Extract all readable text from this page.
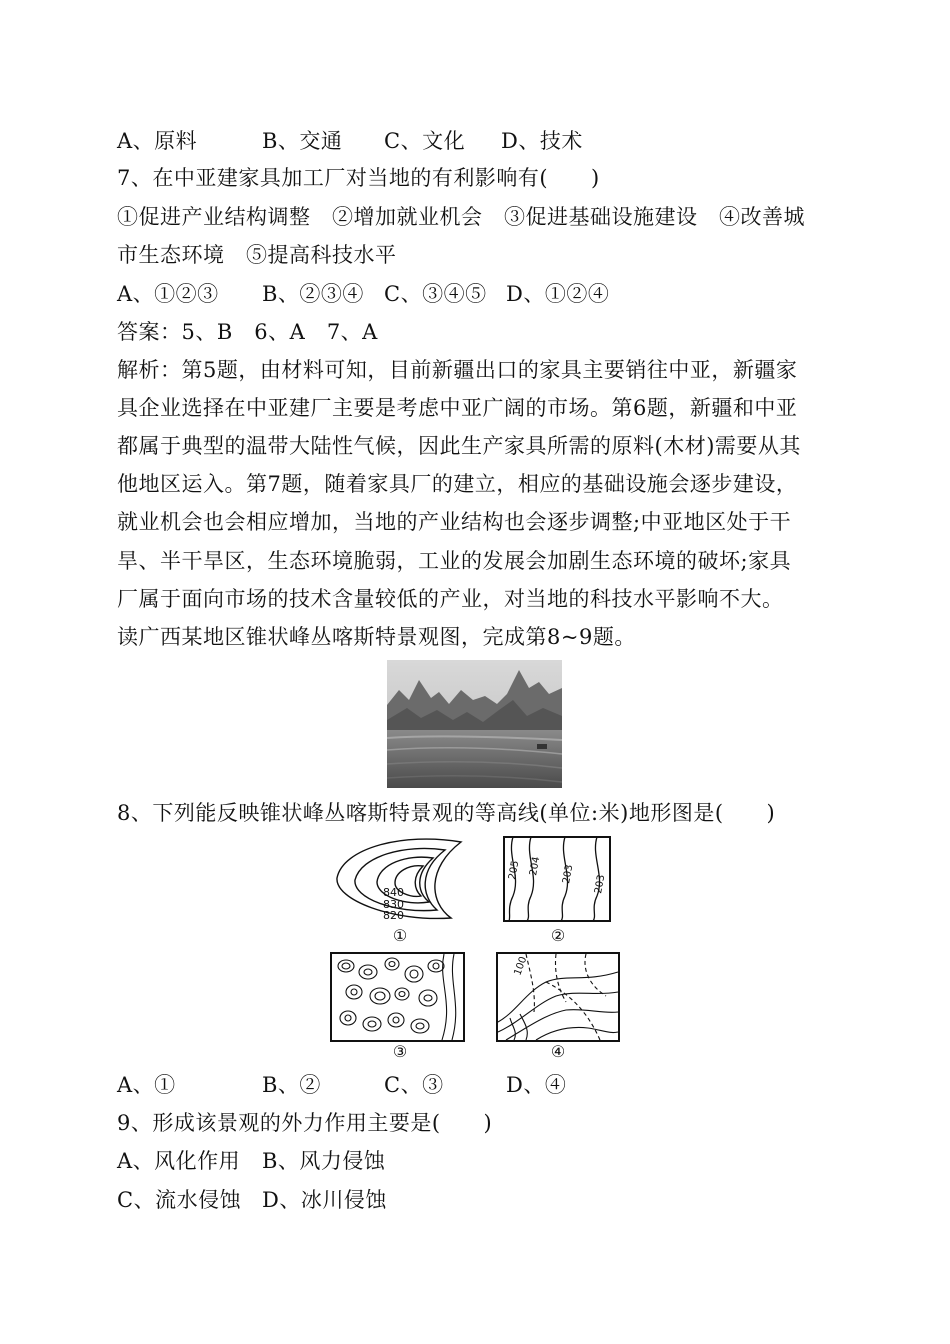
A、原料	B、交通 C、文化 D、技术
7、在中亚建家具加工厂对当地的有利影响有(　　)
①促进产业结构调整　②增加就业机会　③促进基础设施建设　④改善城
市生态环境　⑤提高科技水平
A、①②③ B、②③④ C、③④⑤ D、①②④
答案：5、B　6、A　7、A
解析：第5题，由材料可知，目前新疆出口的家具主要销往中亚，新疆家
具企业选择在中亚建厂主要是考虑中亚广阔的市场。第6题，新疆和中亚
都属于典型的温带大陆性气候，因此生产家具所需的原料(木材)需要从其
他地区运入。第7题，随着家具厂的建立，相应的基础设施会逐步建设，
就业机会也会相应增加，当地的产业结构也会逐步调整;中亚地区处于干
旱、半干旱区，生态环境脆弱，工业的发展会加剧生态环境的破坏;家具
厂属于面向市场的技术含量较低的产业，对当地的科技水平影响不大。
读广西某地区锥状峰丛喀斯特景观图，完成第8~9题。
8、下列能反映锥状峰丛喀斯特景观的等高线(单位:米)地形图是(　　)
840
830
820
①
205 204 203 203
②
③
100
④
A、①	B、②	C、③	D、④
9、形成该景观的外力作用主要是(　　)
A、风化作用 B、风力侵蚀
C、流水侵蚀 D、冰川侵蚀
